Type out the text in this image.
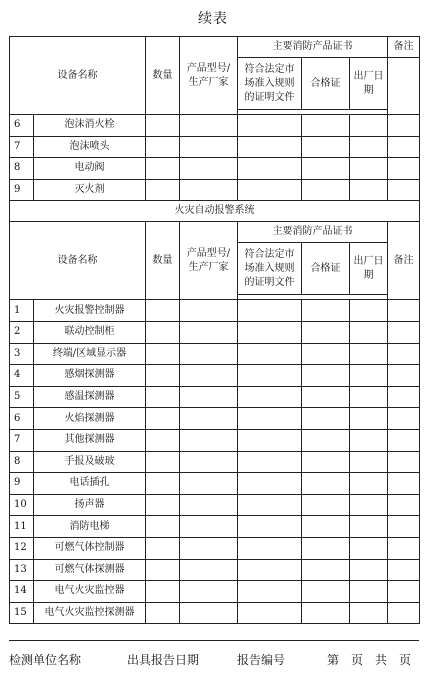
续表
设备名称		数量	产品型号/生产厂家	主要消防产品证书			备注
				符合法定市场准入规则的证明文件	合格证	出厂日期	

6	泡沫消火栓						
7	泡沫喷头						
8	电动阀						
9	灭火剂						
火灾自动报警系统							
设备名称		数量	产品型号/生产厂家	主要消防产品证书			备注
				符合法定市场准入规则的证明文件	合格证	出厂日期	

1	火灾报警控制器						
2	联动控制柜						
3	终端/区域显示器						
4	感烟探测器						
5	感温探测器						
6	火焰探测器						
7	其他探测器						
8	手报及破玻						
9	电话插孔						
10	扬声器						
11	消防电梯						
12	可燃气体控制器						
13	可燃气体探测器						
14	电气火灾监控器						
15	电气火灾监控探测器						
检测单位名称	出具报告日期	报告编号	第　页　共　页
